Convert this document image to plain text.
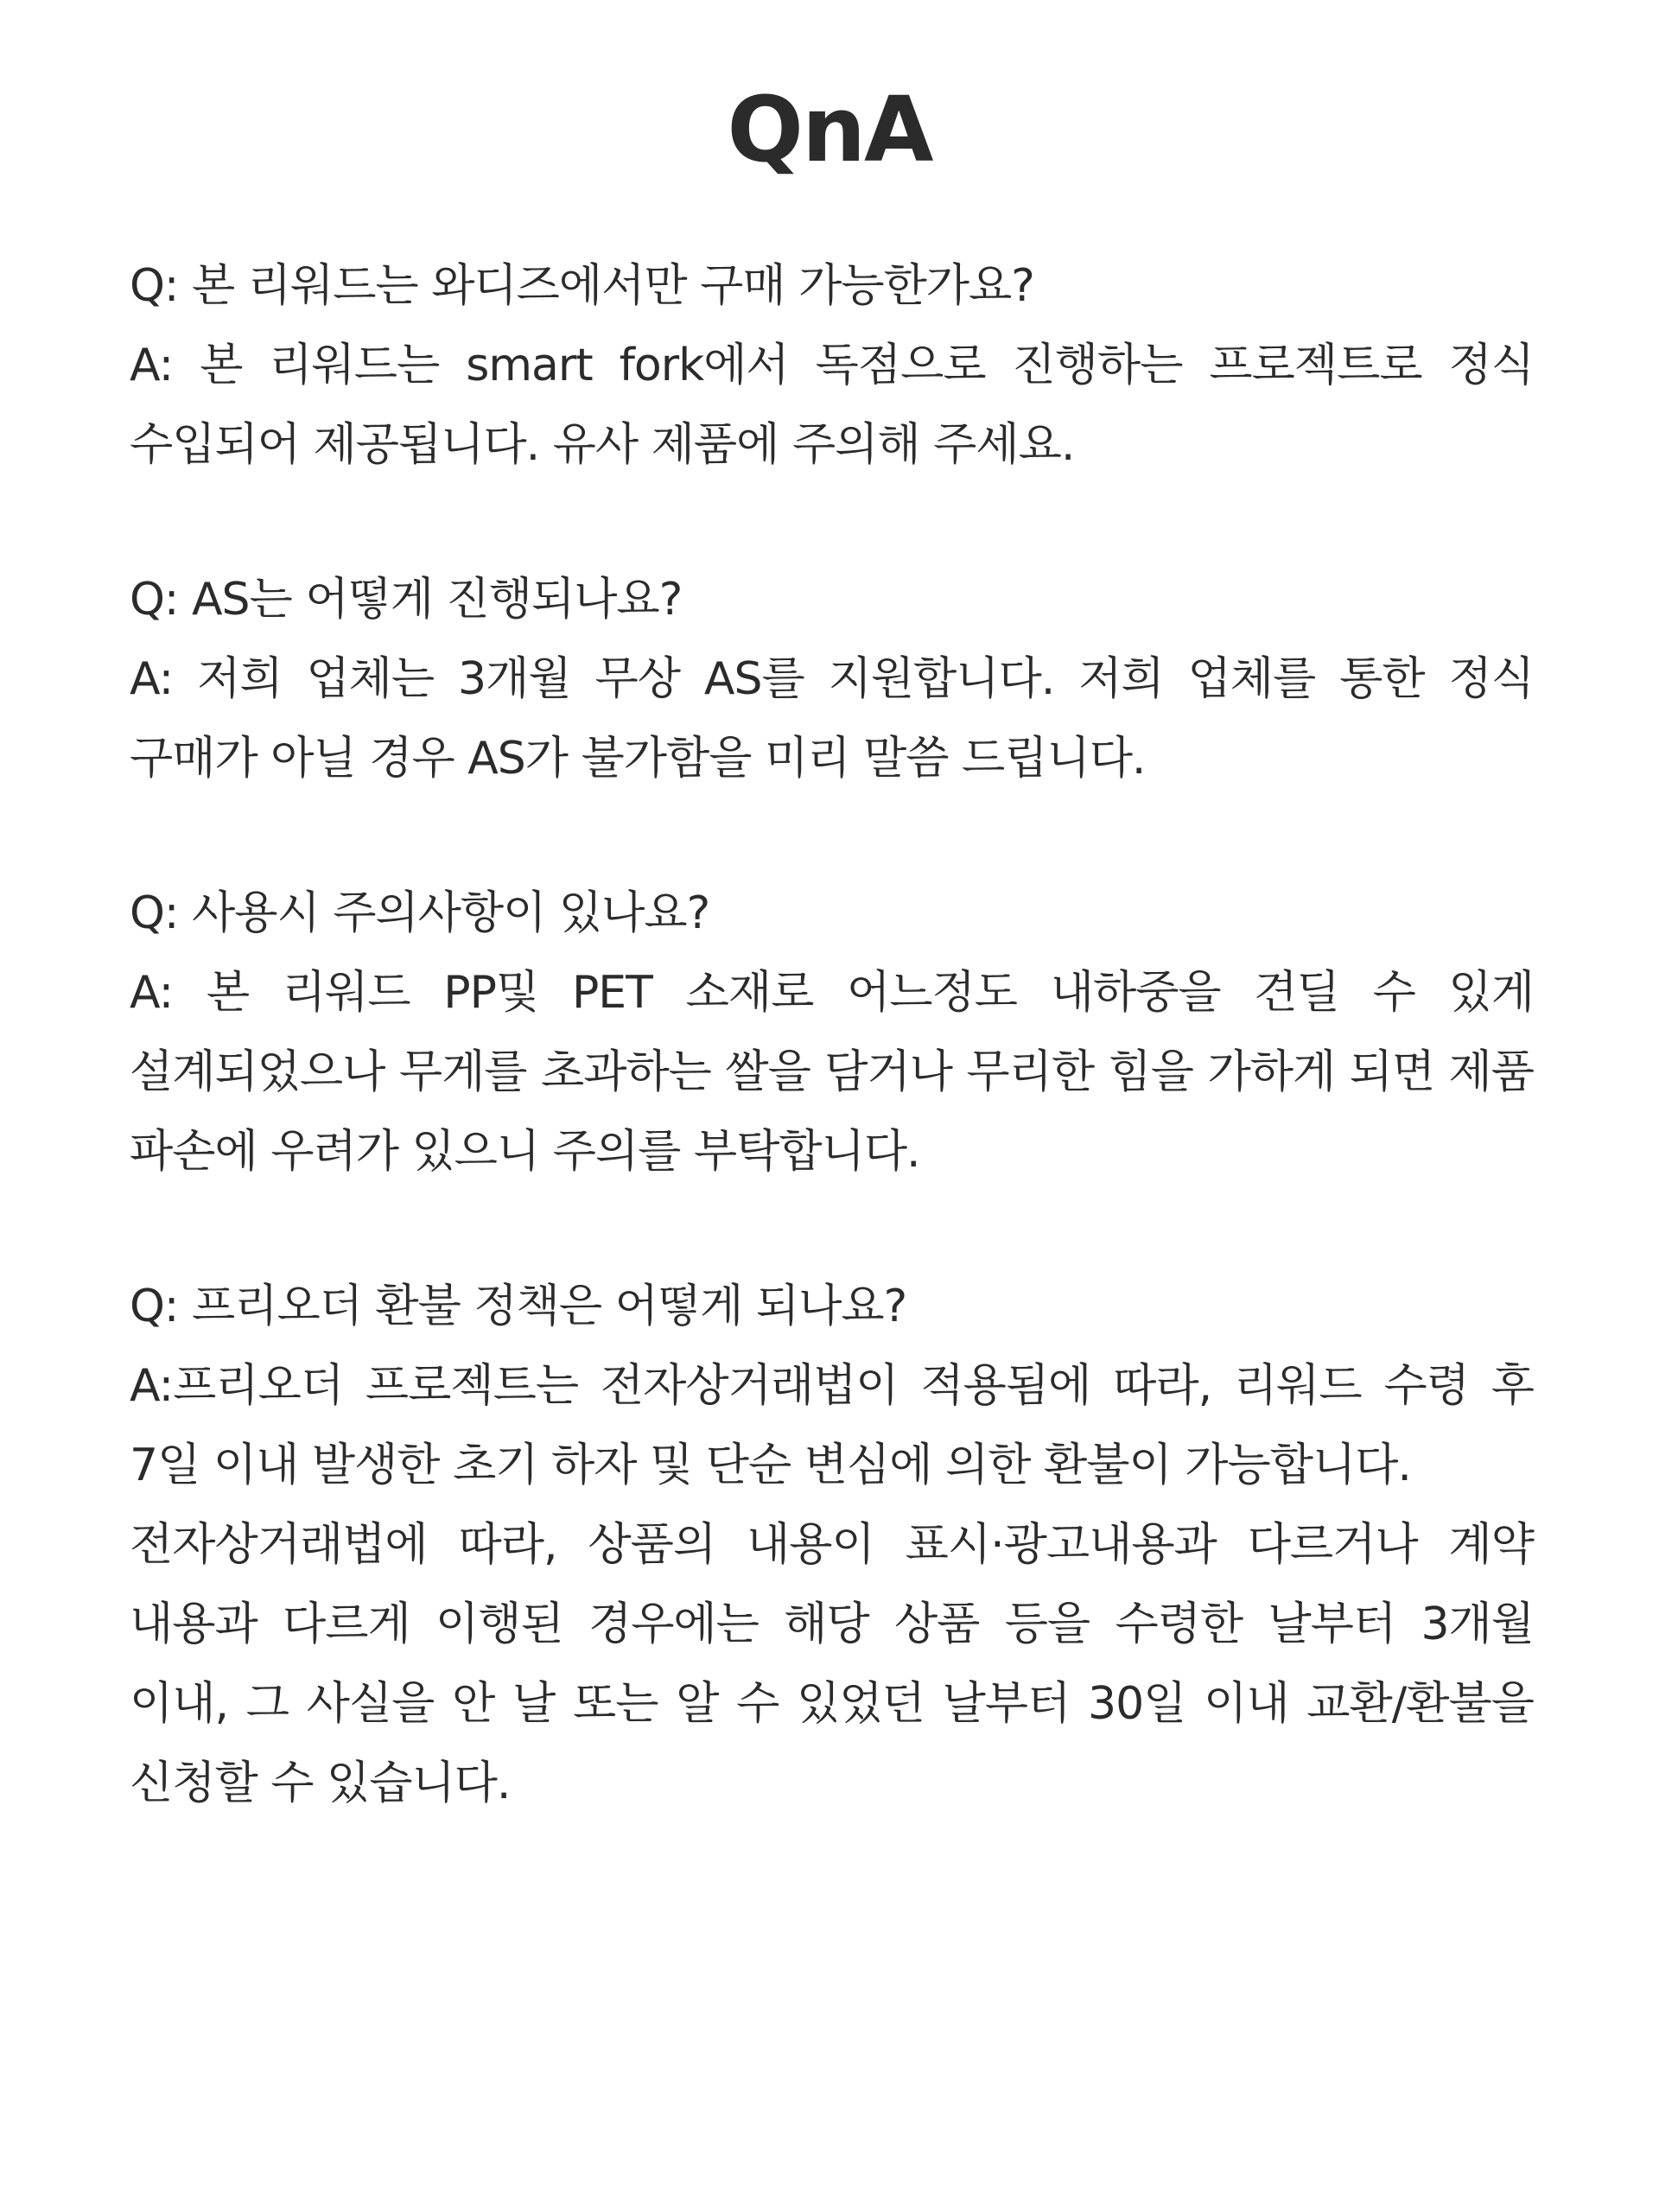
QnA

Q: 본 리워드는 와디즈에서만 구매 가능한가요?

A: 본 리워드는 smart fork에서 독점으로 진행하는 프로젝트로 정식 수입되어 제공됩니다. 유사 제품에 주의해 주세요.

Q: AS는 어떻게 진행되나요?

A: 저희 업체는 3개월 무상 AS를 지원합니다. 저희 업체를 통한 정식 구매가 아닐 경우 AS가 불가함을 미리 말씀 드립니다.

Q: 사용시 주의사항이 있나요?

A: 본 리워드 PP및 PET 소재로 어느정도 내하중을 견딜 수 있게 설계되었으나 무게를 초과하는 쌀을 담거나 무리한 힘을 가하게 되면 제품 파손에 우려가 있으니 주의를 부탁합니다.

Q: 프리오더 환불 정책은 어떻게 되나요?

A:프리오더 프로젝트는 전자상거래법이 적용됨에 따라, 리워드 수령 후 7일 이내 발생한 초기 하자 및 단순 변심에 의한 환불이 가능합니다.

전자상거래법에 따라, 상품의 내용이 표시·광고내용과 다르거나 계약 내용과 다르게 이행된 경우에는 해당 상품 등을 수령한 날부터 3개월 이내, 그 사실을 안 날 또는 알 수 있었던 날부터 30일 이내 교환/환불을 신청할 수 있습니다.
